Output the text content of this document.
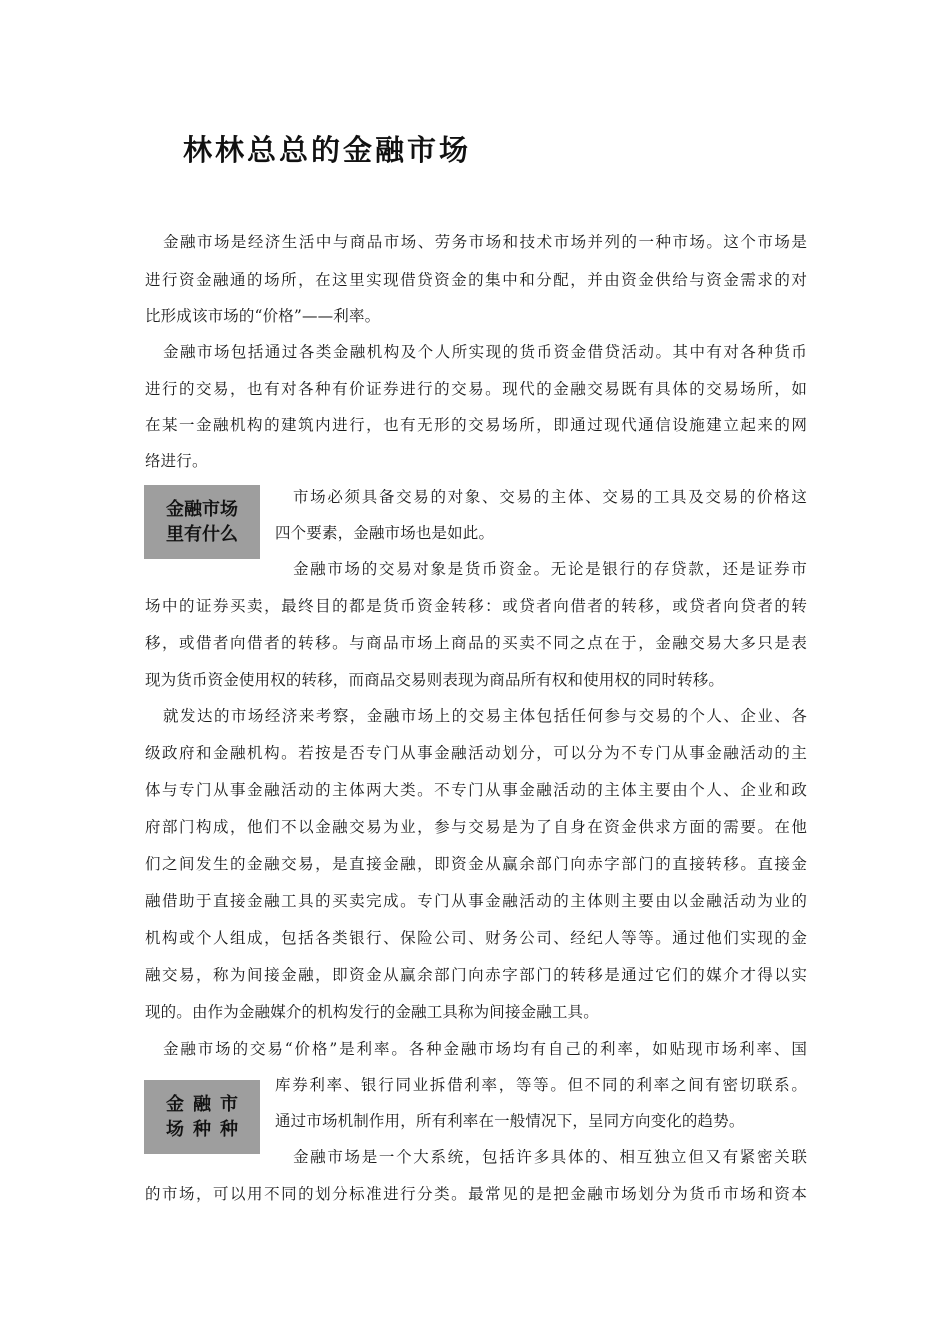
林林总总的金融市场
金融市场
里有什么
金融市
场种种
金融市场是经济生活中与商品市场、劳务市场和技术市场并列的一种市场。这个市场是
进行资金融通的场所，在这里实现借贷资金的集中和分配，并由资金供给与资金需求的对
比形成该市场的“价格”——利率。
金融市场包括通过各类金融机构及个人所实现的货币资金借贷活动。其中有对各种货币
进行的交易，也有对各种有价证券进行的交易。现代的金融交易既有具体的交易场所，如
在某一金融机构的建筑内进行，也有无形的交易场所，即通过现代通信设施建立起来的网
络进行。
市场必须具备交易的对象、交易的主体、交易的工具及交易的价格这
四个要素，金融市场也是如此。
金融市场的交易对象是货币资金。无论是银行的存贷款，还是证券市
场中的证券买卖，最终目的都是货币资金转移：或贷者向借者的转移，或贷者向贷者的转
移，或借者向借者的转移。与商品市场上商品的买卖不同之点在于，金融交易大多只是表
现为货币资金使用权的转移，而商品交易则表现为商品所有权和使用权的同时转移。
就发达的市场经济来考察，金融市场上的交易主体包括任何参与交易的个人、企业、各
级政府和金融机构。若按是否专门从事金融活动划分，可以分为不专门从事金融活动的主
体与专门从事金融活动的主体两大类。不专门从事金融活动的主体主要由个人、企业和政
府部门构成，他们不以金融交易为业，参与交易是为了自身在资金供求方面的需要。在他
们之间发生的金融交易，是直接金融，即资金从赢余部门向赤字部门的直接转移。直接金
融借助于直接金融工具的买卖完成。专门从事金融活动的主体则主要由以金融活动为业的
机构或个人组成，包括各类银行、保险公司、财务公司、经纪人等等。通过他们实现的金
融交易，称为间接金融，即资金从赢余部门向赤字部门的转移是通过它们的媒介才得以实
现的。由作为金融媒介的机构发行的金融工具称为间接金融工具。
金融市场的交易“价格”是利率。各种金融市场均有自己的利率，如贴现市场利率、国
库券利率、银行同业拆借利率，等等。但不同的利率之间有密切联系。
通过市场机制作用，所有利率在一般情况下，呈同方向变化的趋势。
金融市场是一个大系统，包括许多具体的、相互独立但又有紧密关联
的市场，可以用不同的划分标准进行分类。最常见的是把金融市场划分为货币市场和资本
